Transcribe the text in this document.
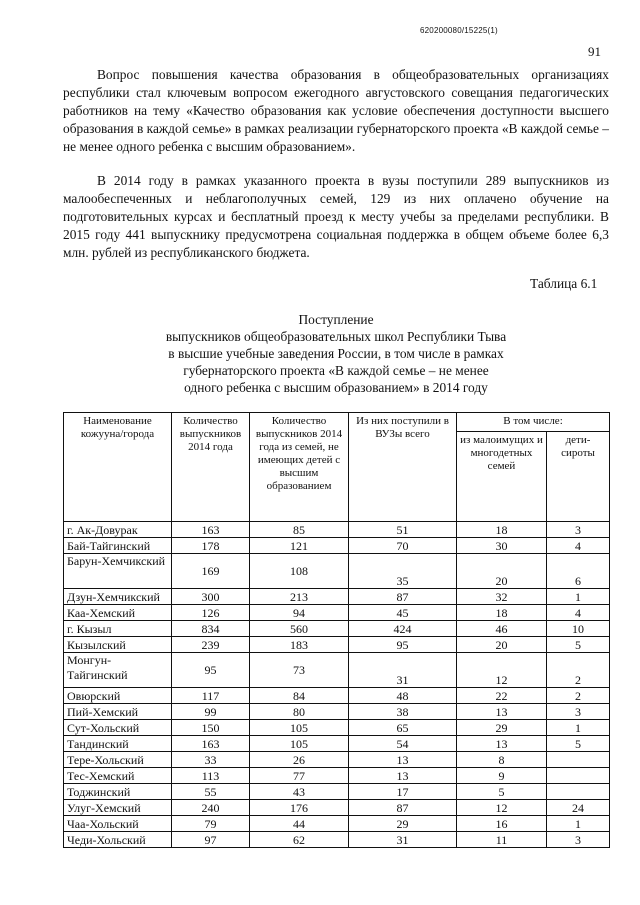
620200080/15225(1)
91

Вопрос повышения качества образования в общеобразовательных организациях республики стал ключевым вопросом ежегодного августовского совещания педагогических работников на тему «Качество образования как условие обеспечения доступности высшего образования в каждой семье» в рамках реализации губернаторского проекта «В каждой семье – не менее одного ребенка с высшим образованием».

В 2014 году в рамках указанного проекта в вузы поступили 289 выпускников из малообеспеченных и неблагополучных семей, 129 из них оплачено обучение на подготовительных курсах и бесплатный проезд к месту учебы за пределами республики. В 2015 году 441 выпускнику предусмотрена социальная поддержка в общем объеме более 6,3 млн. рублей из республиканского бюджета.

Таблица 6.1
Поступление
выпускников общеобразовательных школ Республики Тыва
в высшие учебные заведения России, в том числе в рамках
губернаторского проекта «В каждой семье – не менее
одного ребенка с высшим образованием» в 2014 году
Наименование кожууна/города	Количество выпускников 2014 года	Количество выпускников 2014 года из семей, не имеющих детей с высшим образованием	Из них поступили в ВУЗы всего	В том числе:	
				из малоимущих и многодетных семей	дети-сироты
г. Ак-Довурак	163	85	51	18	3
Бай-Тайгинский	178	121	70	30	4
Барун-Хемчикский	169	108	35	20	6
Дзун-Хемчикский	300	213	87	32	1
Каа-Хемский	126	94	45	18	4
г. Кызыл	834	560	424	46	10
Кызылский	239	183	95	20	5
Монгун-Тайгинский	95	73	31	12	2
Овюрский	117	84	48	22	2
Пий-Хемский	99	80	38	13	3
Сут-Хольский	150	105	65	29	1
Тандинский	163	105	54	13	5
Тере-Хольский	33	26	13	8	
Тес-Хемский	113	77	13	9	
Тоджинский	55	43	17	5	
Улуг-Хемский	240	176	87	12	24
Чаа-Хольский	79	44	29	16	1
Чеди-Хольский	97	62	31	11	3
